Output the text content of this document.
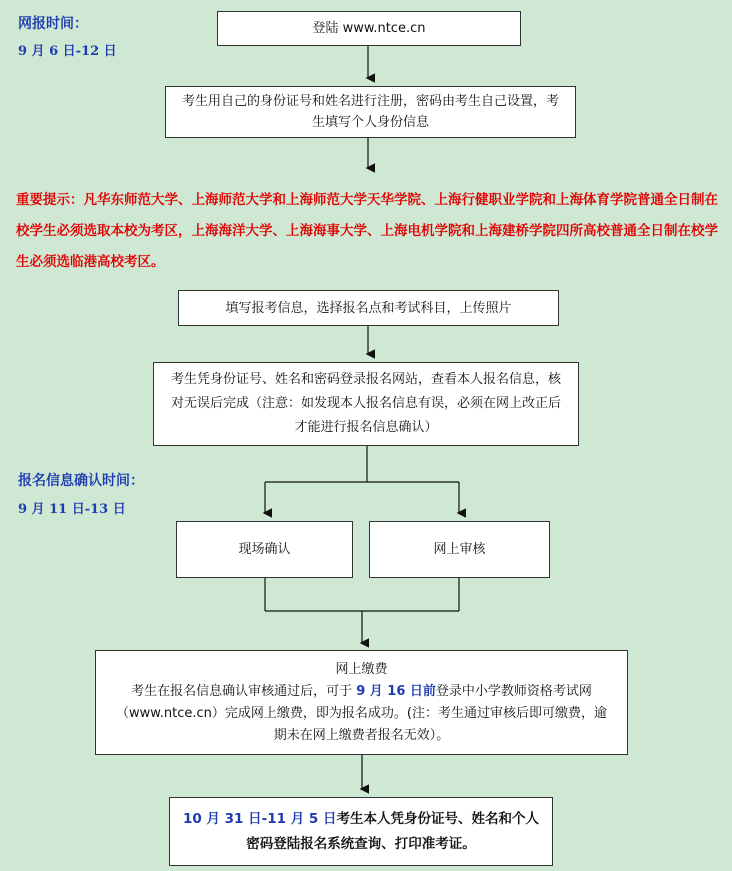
网报时间：
9 月 6 日-12 日
报名信息确认时间：
9 月 11 日-13 日
登陆 www.ntce.cn
考生用自己的身份证号和姓名进行注册，密码由考生自己设置，考生填写个人身份信息
重要提示：凡华东师范大学、上海师范大学和上海师范大学天华学院、上海行健职业学院和上海体育学院普通全日制在校学生必须选取本校为考区，上海海洋大学、上海海事大学、上海电机学院和上海建桥学院四所高校普通全日制在校学生必须选临港高校考区。
填写报考信息，选择报名点和考试科目，上传照片
考生凭身份证号、姓名和密码登录报名网站，查看本人报名信息，核对无误后完成（注意：如发现本人报名信息有误，必须在网上改正后才能进行报名信息确认）
现场确认	网上审核
网上缴费
考生在报名信息确认审核通过后，可于 9 月 16 日前登录中小学教师资格考试网（www.ntce.cn）完成网上缴费，即为报名成功。(注：考生通过审核后即可缴费，逾期未在网上缴费者报名无效）。
10 月 31 日-11 月 5 日考生本人凭身份证号、姓名和个人密码登陆报名系统查询、打印准考证。
